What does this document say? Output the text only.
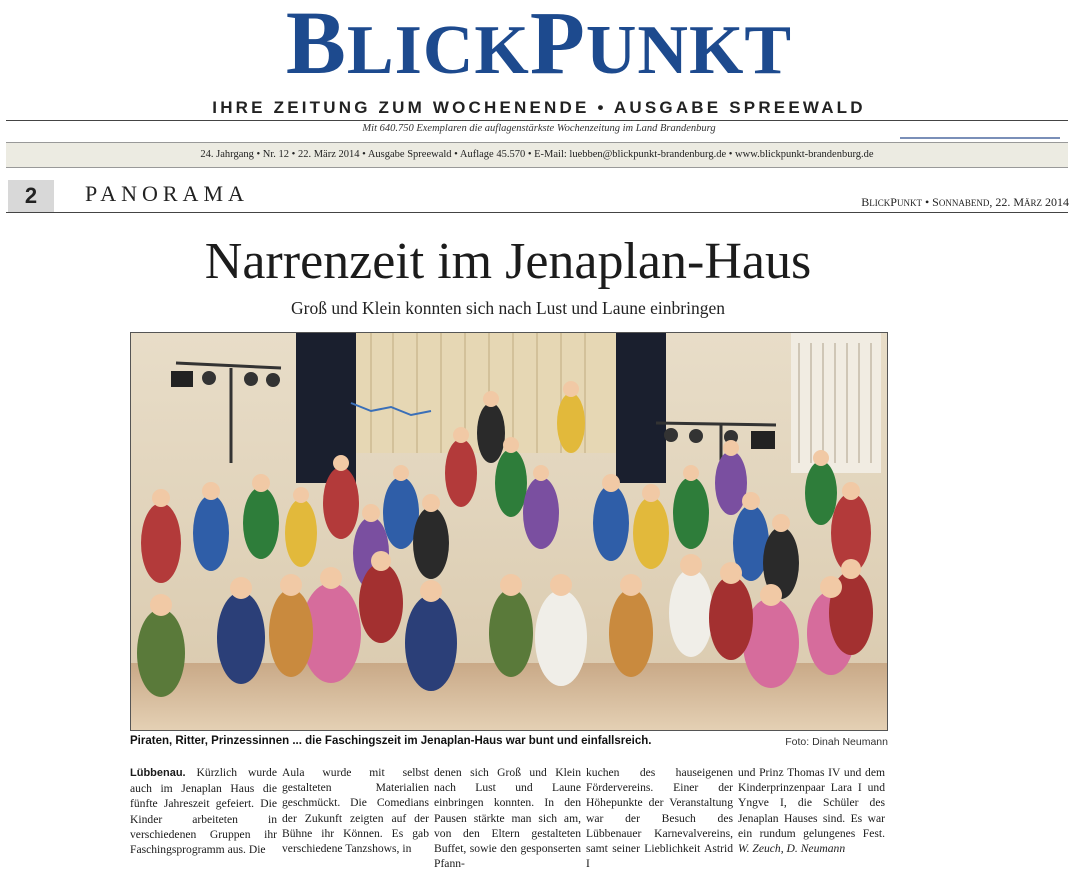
BLICKPUNKT
IHRE ZEITUNG ZUM WOCHENENDE • AUSGABE SPREEWALD
Mit 640.750 Exemplaren die auflagenstärkste Wochenzeitung im Land Brandenburg
24. Jahrgang • Nr. 12 • 22. März 2014 • Ausgabe Spreewald • Auflage 45.570 • E-Mail: luebben@blickpunkt-brandenburg.de • www.blickpunkt-brandenburg.de
2	PANORAMA	BLICKPUNKT • SONNABEND, 22. MÄRZ 2014
Narrenzeit im Jenaplan-Haus
Groß und Klein konnten sich nach Lust und Laune einbringen
Piraten, Ritter, Prinzessinnen ... die Faschingszeit im Jenaplan-Haus war bunt und einfallsreich.	Foto: Dinah Neumann
Lübbenau. Kürzlich wurde auch im Jenaplan Haus die fünfte Jahreszeit gefeiert. Die Kinder arbeiteten in verschiedenen Gruppen ihr Faschingsprogramm aus. Die
Aula wurde mit selbst gestalteten Materialien geschmückt. Die Comedians der Zukunft zeigten auf der Bühne ihr Können. Es gab verschiedene Tanzshows, in
denen sich Groß und Klein nach Lust und Laune einbringen konnten. In den Pausen stärkte man sich am, von den Eltern gestalteten Buffet, sowie den gesponserten Pfann-
kuchen des hauseigenen Fördervereins. Einer der Höhepunkte der Veranstaltung war der Besuch des Lübbenauer Karnevalvereins, samt seiner Lieblichkeit Astrid I
und Prinz Thomas IV und dem Kinderprinzenpaar Lara I und Yngve I, die Schüler des Jenaplan Hauses sind. Es war ein rundum gelungenes Fest. W. Zeuch, D. Neumann
